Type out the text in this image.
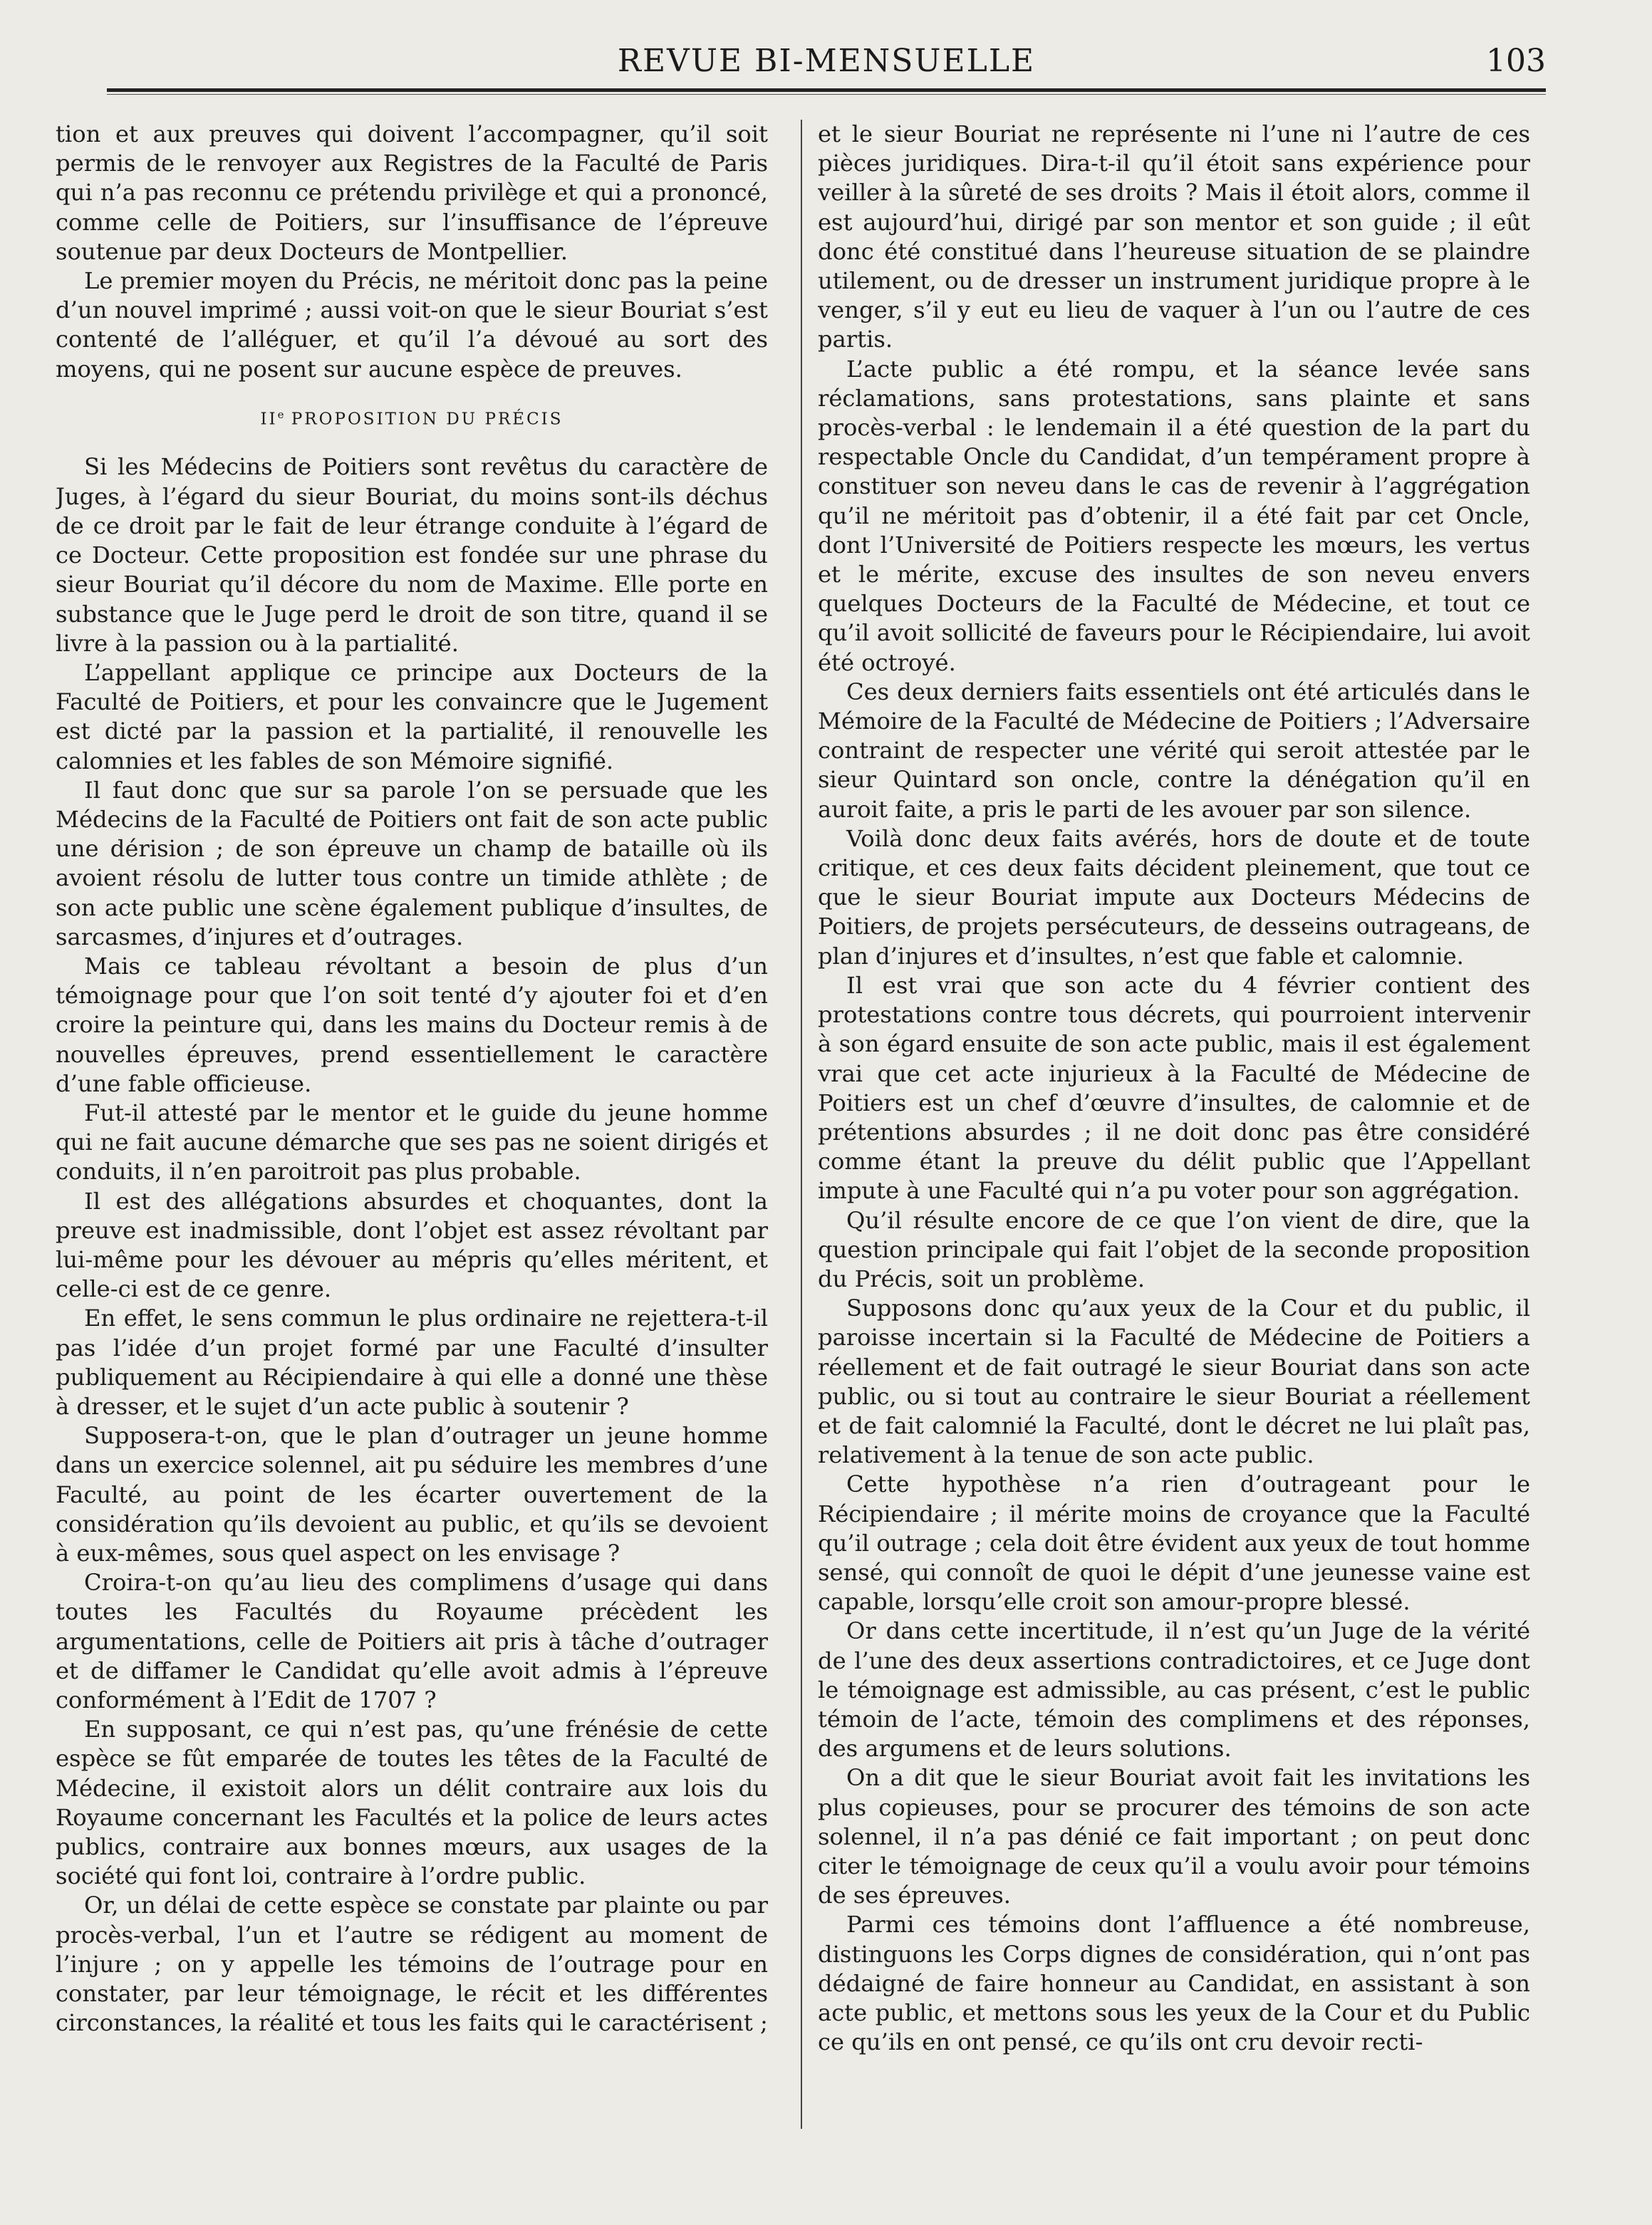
REVUE BI-MENSUELLE	103

tion et aux preuves qui doivent l’accompagner, qu’il soit permis de le renvoyer aux Registres de la Faculté de Paris qui n’a pas reconnu ce prétendu privilège et qui a prononcé, comme celle de Poitiers, sur l’insuffisance de l’épreuve soutenue par deux Docteurs de Montpellier.

Le premier moyen du Précis, ne méritoit donc pas la peine d’un nouvel imprimé ; aussi voit-on que le sieur Bouriat s’est contenté de l’alléguer, et qu’il l’a dévoué au sort des moyens, qui ne posent sur aucune espèce de preuves.

IIe PROPOSITION DU PRÉCIS

Si les Médecins de Poitiers sont revêtus du caractère de Juges, à l’égard du sieur Bouriat, du moins sont-ils déchus de ce droit par le fait de leur étrange conduite à l’égard de ce Docteur. Cette proposition est fondée sur une phrase du sieur Bouriat qu’il décore du nom de Maxime. Elle porte en substance que le Juge perd le droit de son titre, quand il se livre à la passion ou à la partialité.

L’appellant applique ce principe aux Docteurs de la Faculté de Poitiers, et pour les convaincre que le Jugement est dicté par la passion et la partialité, il renouvelle les calomnies et les fables de son Mémoire signifié.

Il faut donc que sur sa parole l’on se persuade que les Médecins de la Faculté de Poitiers ont fait de son acte public une dérision ; de son épreuve un champ de bataille où ils avoient résolu de lutter tous contre un timide athlète ; de son acte public une scène également publique d’insultes, de sarcasmes, d’injures et d’outrages.

Mais ce tableau révoltant a besoin de plus d’un témoignage pour que l’on soit tenté d’y ajouter foi et d’en croire la peinture qui, dans les mains du Docteur remis à de nouvelles épreuves, prend essentiellement le caractère d’une fable officieuse.

Fut-il attesté par le mentor et le guide du jeune homme qui ne fait aucune démarche que ses pas ne soient dirigés et conduits, il n’en paroitroit pas plus probable.

Il est des allégations absurdes et choquantes, dont la preuve est inadmissible, dont l’objet est assez révoltant par lui-même pour les dévouer au mépris qu’elles méritent, et celle-ci est de ce genre.

En effet, le sens commun le plus ordinaire ne rejettera-t-il pas l’idée d’un projet formé par une Faculté d’insulter publiquement au Récipiendaire à qui elle a donné une thèse à dresser, et le sujet d’un acte public à soutenir ?

Supposera-t-on, que le plan d’outrager un jeune homme dans un exercice solennel, ait pu séduire les membres d’une Faculté, au point de les écarter ouvertement de la considération qu’ils devoient au public, et qu’ils se devoient à eux-mêmes, sous quel aspect on les envisage ?

Croira-t-on qu’au lieu des complimens d’usage qui dans toutes les Facultés du Royaume précèdent les argumentations, celle de Poitiers ait pris à tâche d’outrager et de diffamer le Candidat qu’elle avoit admis à l’épreuve conformément à l’Edit de 1707 ?

En supposant, ce qui n’est pas, qu’une frénésie de cette espèce se fût emparée de toutes les têtes de la Faculté de Médecine, il existoit alors un délit contraire aux lois du Royaume concernant les Facultés et la police de leurs actes publics, contraire aux bonnes mœurs, aux usages de la société qui font loi, contraire à l’ordre public.

Or, un délai de cette espèce se constate par plainte ou par procès-verbal, l’un et l’autre se rédigent au moment de l’injure ; on y appelle les témoins de l’outrage pour en constater, par leur témoignage, le récit et les différentes circonstances, la réalité et tous les faits qui le caractérisent ;

et le sieur Bouriat ne représente ni l’une ni l’autre de ces pièces juridiques. Dira-t-il qu’il étoit sans expérience pour veiller à la sûreté de ses droits ? Mais il étoit alors, comme il est aujourd’hui, dirigé par son mentor et son guide ; il eût donc été constitué dans l’heureuse situation de se plaindre utilement, ou de dresser un instrument juridique propre à le venger, s’il y eut eu lieu de vaquer à l’un ou l’autre de ces partis.

L’acte public a été rompu, et la séance levée sans réclamations, sans protestations, sans plainte et sans procès-verbal : le lendemain il a été question de la part du respectable Oncle du Candidat, d’un tempérament propre à constituer son neveu dans le cas de revenir à l’aggrégation qu’il ne méritoit pas d’obtenir, il a été fait par cet Oncle, dont l’Université de Poitiers respecte les mœurs, les vertus et le mérite, excuse des insultes de son neveu envers quelques Docteurs de la Faculté de Médecine, et tout ce qu’il avoit sollicité de faveurs pour le Récipiendaire, lui avoit été octroyé.

Ces deux derniers faits essentiels ont été articulés dans le Mémoire de la Faculté de Médecine de Poitiers ; l’Adversaire contraint de respecter une vérité qui seroit attestée par le sieur Quintard son oncle, contre la dénégation qu’il en auroit faite, a pris le parti de les avouer par son silence.

Voilà donc deux faits avérés, hors de doute et de toute critique, et ces deux faits décident pleinement, que tout ce que le sieur Bouriat impute aux Docteurs Médecins de Poitiers, de projets persécuteurs, de desseins outrageans, de plan d’injures et d’insultes, n’est que fable et calomnie.

Il est vrai que son acte du 4 février contient des protestations contre tous décrets, qui pourroient intervenir à son égard ensuite de son acte public, mais il est également vrai que cet acte injurieux à la Faculté de Médecine de Poitiers est un chef d’œuvre d’insultes, de calomnie et de prétentions absurdes ; il ne doit donc pas être considéré comme étant la preuve du délit public que l’Appellant impute à une Faculté qui n’a pu voter pour son aggrégation.

Qu’il résulte encore de ce que l’on vient de dire, que la question principale qui fait l’objet de la seconde proposition du Précis, soit un problème.

Supposons donc qu’aux yeux de la Cour et du public, il paroisse incertain si la Faculté de Médecine de Poitiers a réellement et de fait outragé le sieur Bouriat dans son acte public, ou si tout au contraire le sieur Bouriat a réellement et de fait calomnié la Faculté, dont le décret ne lui plaît pas, relativement à la tenue de son acte public.

Cette hypothèse n’a rien d’outrageant pour le Récipiendaire ; il mérite moins de croyance que la Faculté qu’il outrage ; cela doit être évident aux yeux de tout homme sensé, qui connoît de quoi le dépit d’une jeunesse vaine est capable, lorsqu’elle croit son amour-propre blessé.

Or dans cette incertitude, il n’est qu’un Juge de la vérité de l’une des deux assertions contradictoires, et ce Juge dont le témoignage est admissible, au cas présent, c’est le public témoin de l’acte, témoin des complimens et des réponses, des argumens et de leurs solutions.

On a dit que le sieur Bouriat avoit fait les invitations les plus copieuses, pour se procurer des témoins de son acte solennel, il n’a pas dénié ce fait important ; on peut donc citer le témoignage de ceux qu’il a voulu avoir pour témoins de ses épreuves.

Parmi ces témoins dont l’affluence a été nombreuse, distinguons les Corps dignes de considération, qui n’ont pas dédaigné de faire honneur au Candidat, en assistant à son acte public, et mettons sous les yeux de la Cour et du Public ce qu’ils en ont pensé, ce qu’ils ont cru devoir recti-
